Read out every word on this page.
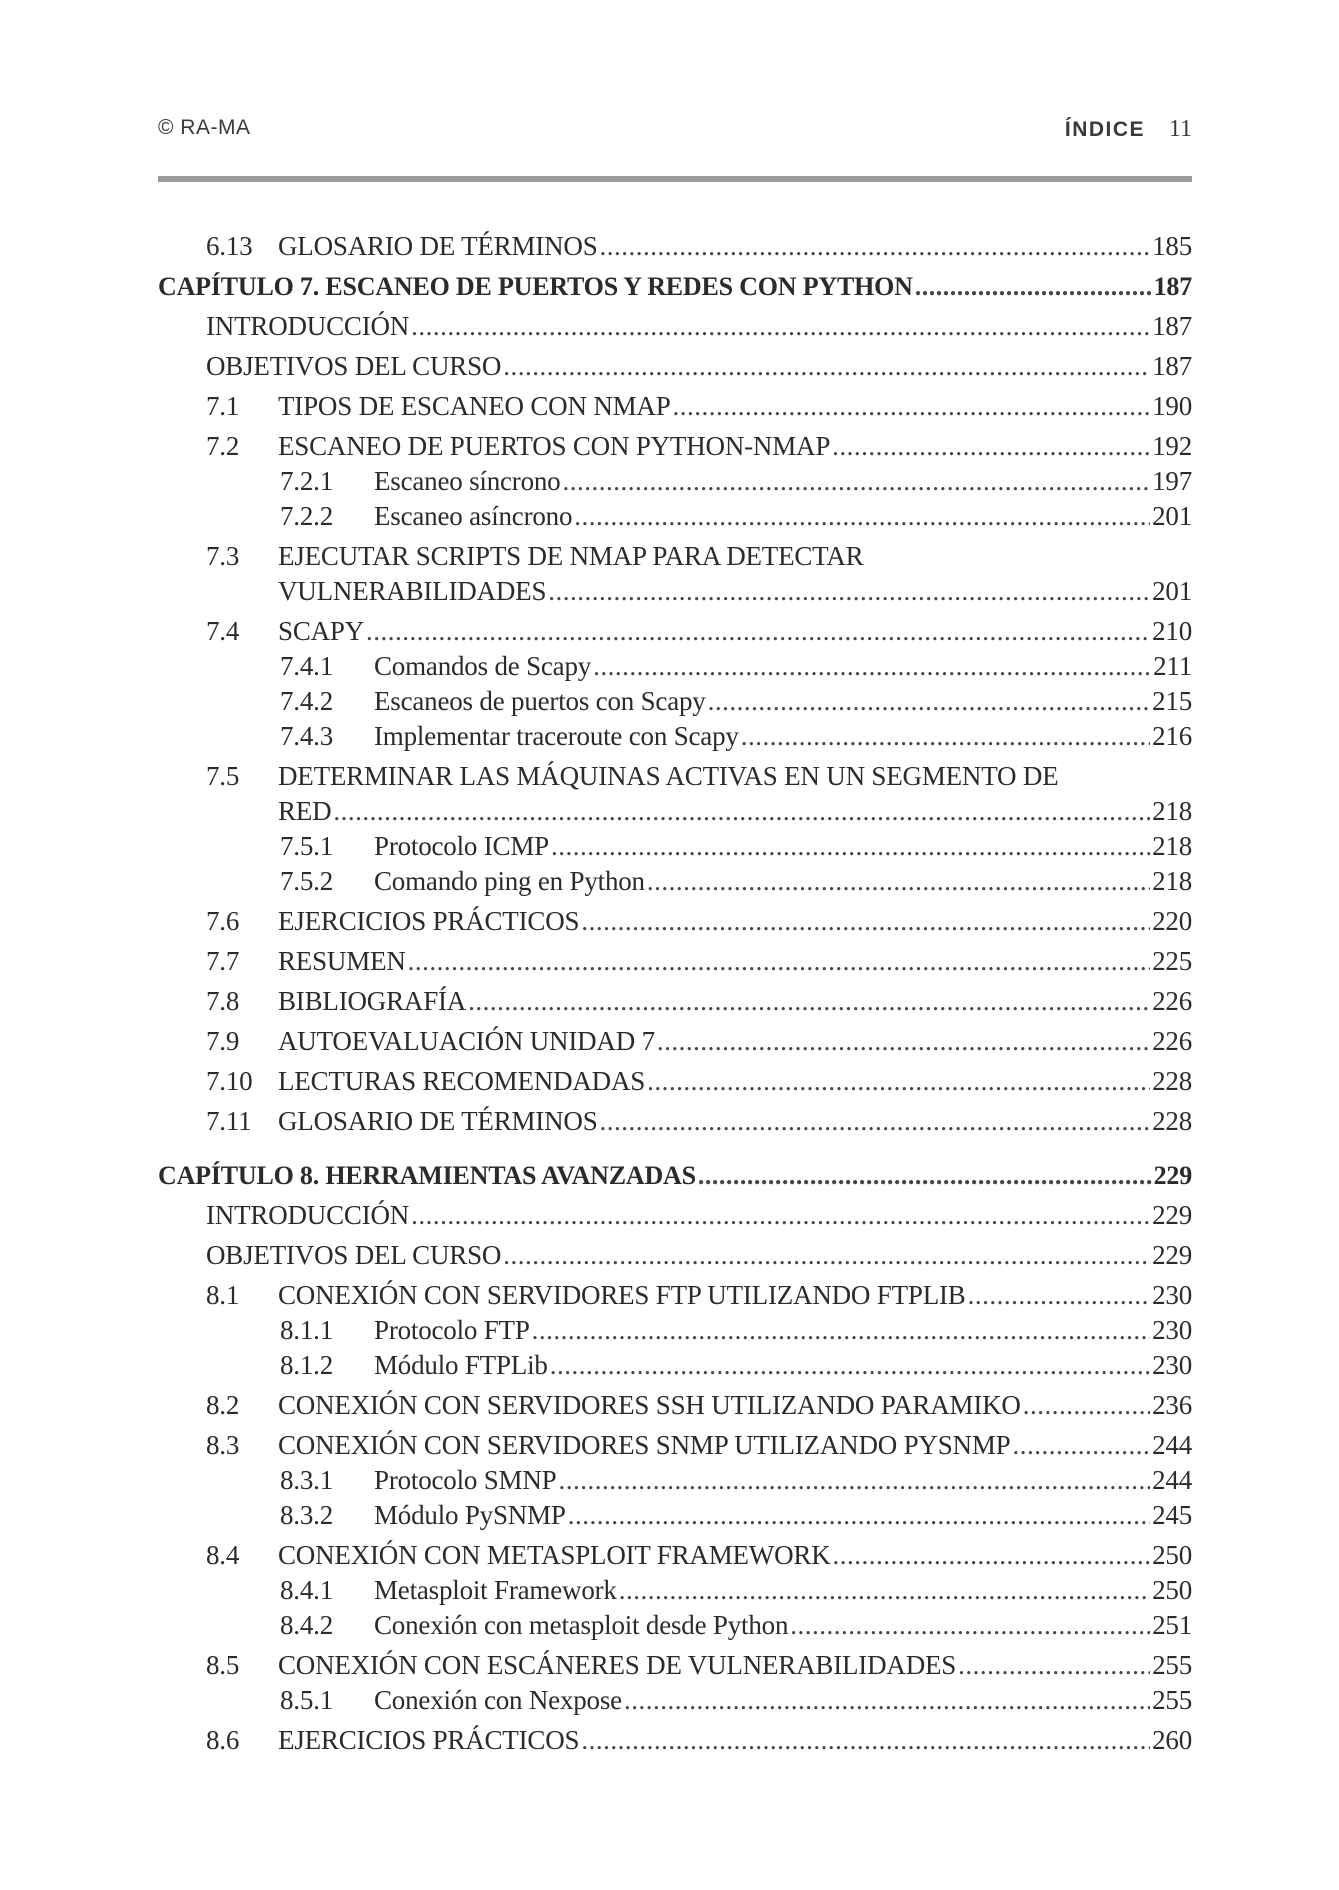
© RA-MA	ÍNDICE 11
6.13 GLOSARIO DE TÉRMINOS .....	185
CAPÍTULO 7. ESCANEO DE PUERTOS Y REDES CON PYTHON .....	187
INTRODUCCIÓN .....	187
OBJETIVOS DEL CURSO .....	187
7.1 TIPOS DE ESCANEO CON NMAP .....	190
7.2 ESCANEO DE PUERTOS CON PYTHON-NMAP .....	192
7.2.1 Escaneo síncrono .....	197
7.2.2 Escaneo asíncrono .....	201
7.3 EJECUTAR SCRIPTS DE NMAP PARA DETECTAR
VULNERABILIDADES .....	201
7.4 SCAPY .....	210
7.4.1 Comandos de Scapy .....	211
7.4.2 Escaneos de puertos con Scapy .....	215
7.4.3 Implementar traceroute con Scapy .....	216
7.5 DETERMINAR LAS MÁQUINAS ACTIVAS EN UN SEGMENTO DE
RED .....	218
7.5.1 Protocolo ICMP .....	218
7.5.2 Comando ping en Python .....	218
7.6 EJERCICIOS PRÁCTICOS .....	220
7.7 RESUMEN .....	225
7.8 BIBLIOGRAFÍA .....	226
7.9 AUTOEVALUACIÓN UNIDAD 7 .....	226
7.10 LECTURAS RECOMENDADAS .....	228
7.11 GLOSARIO DE TÉRMINOS .....	228
CAPÍTULO 8. HERRAMIENTAS AVANZADAS .....	229
INTRODUCCIÓN .....	229
OBJETIVOS DEL CURSO .....	229
8.1 CONEXIÓN CON SERVIDORES FTP UTILIZANDO FTPLIB .....	230
8.1.1 Protocolo FTP .....	230
8.1.2 Módulo FTPLib .....	230
8.2 CONEXIÓN CON SERVIDORES SSH UTILIZANDO PARAMIKO .....	236
8.3 CONEXIÓN CON SERVIDORES SNMP UTILIZANDO PYSNMP .....	244
8.3.1 Protocolo SMNP .....	244
8.3.2 Módulo PySNMP .....	245
8.4 CONEXIÓN CON METASPLOIT FRAMEWORK .....	250
8.4.1 Metasploit Framework .....	250
8.4.2 Conexión con metasploit desde Python .....	251
8.5 CONEXIÓN CON ESCÁNERES DE VULNERABILIDADES .....	255
8.5.1 Conexión con Nexpose .....	255
8.6 EJERCICIOS PRÁCTICOS .....	260
